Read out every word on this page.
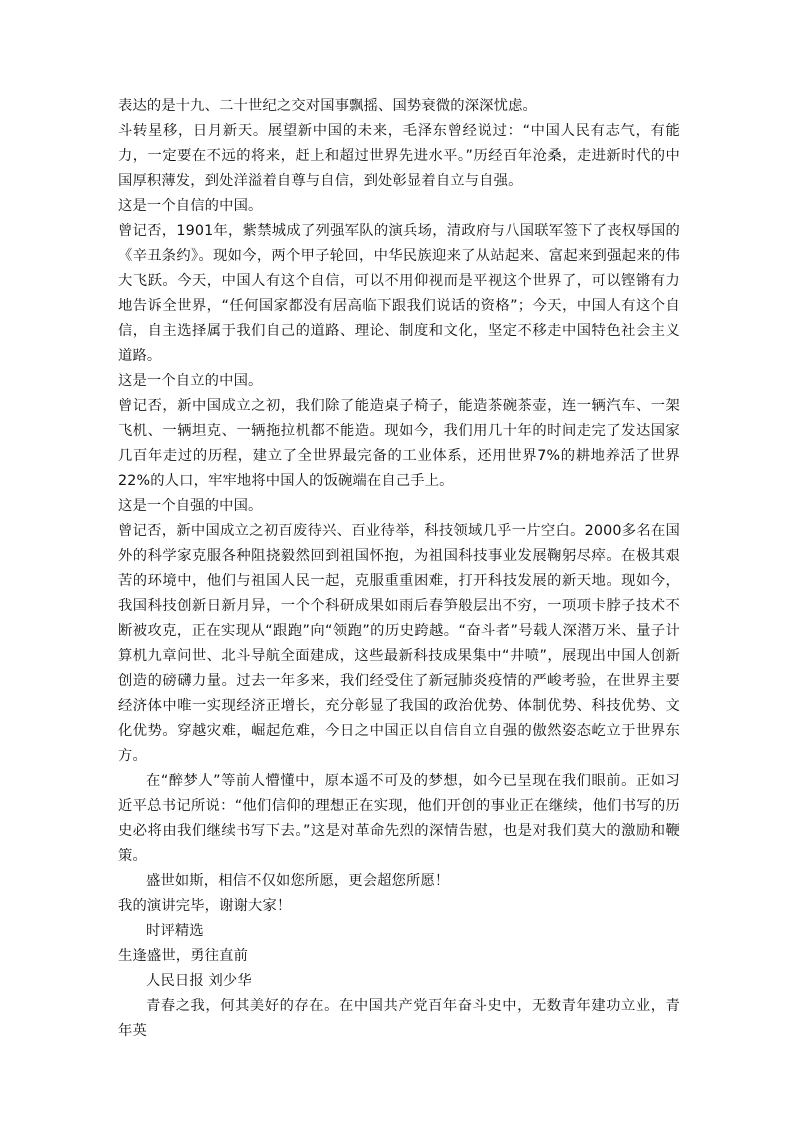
表达的是十九、二十世纪之交对国事飘摇、国势衰微的深深忧虑。

斗转星移，日月新天。展望新中国的未来，毛泽东曾经说过：“中国人民有志气，有能力，一定要在不远的将来，赶上和超过世界先进水平。”历经百年沧桑，走进新时代的中国厚积薄发，到处洋溢着自尊与自信，到处彰显着自立与自强。

这是一个自信的中国。

曾记否，1901年，紫禁城成了列强军队的演兵场，清政府与八国联军签下了丧权辱国的《辛丑条约》。现如今，两个甲子轮回，中华民族迎来了从站起来、富起来到强起来的伟大飞跃。今天，中国人有这个自信，可以不用仰视而是平视这个世界了，可以铿锵有力地告诉全世界，“任何国家都没有居高临下跟我们说话的资格”；今天，中国人有这个自信，自主选择属于我们自己的道路、理论、制度和文化，坚定不移走中国特色社会主义道路。

这是一个自立的中国。

曾记否，新中国成立之初，我们除了能造桌子椅子，能造茶碗茶壶，连一辆汽车、一架飞机、一辆坦克、一辆拖拉机都不能造。现如今，我们用几十年的时间走完了发达国家几百年走过的历程，建立了全世界最完备的工业体系，还用世界7%的耕地养活了世界22%的人口，牢牢地将中国人的饭碗端在自己手上。

这是一个自强的中国。

曾记否，新中国成立之初百废待兴、百业待举，科技领域几乎一片空白。2000多名在国外的科学家克服各种阻挠毅然回到祖国怀抱，为祖国科技事业发展鞠躬尽瘁。在极其艰苦的环境中，他们与祖国人民一起，克服重重困难，打开科技发展的新天地。现如今，我国科技创新日新月异，一个个科研成果如雨后春笋般层出不穷，一项项卡脖子技术不断被攻克，正在实现从“跟跑”向“领跑”的历史跨越。“奋斗者”号载人深潜万米、量子计算机九章问世、北斗导航全面建成，这些最新科技成果集中“井喷”，展现出中国人创新创造的磅礴力量。过去一年多来，我们经受住了新冠肺炎疫情的严峻考验，在世界主要经济体中唯一实现经济正增长，充分彰显了我国的政治优势、体制优势、科技优势、文化优势。穿越灾难，崛起危难，今日之中国正以自信自立自强的傲然姿态屹立于世界东方。

在“醉梦人”等前人懵懂中，原本遥不可及的梦想，如今已呈现在我们眼前。正如习近平总书记所说：“他们信仰的理想正在实现，他们开创的事业正在继续，他们书写的历史必将由我们继续书写下去。”这是对革命先烈的深情告慰，也是对我们莫大的激励和鞭策。

盛世如斯，相信不仅如您所愿，更会超您所愿！

我的演讲完毕，谢谢大家！

时评精选

生逢盛世，勇往直前

人民日报 刘少华

青春之我，何其美好的存在。在中国共产党百年奋斗史中，无数青年建功立业，青年英
